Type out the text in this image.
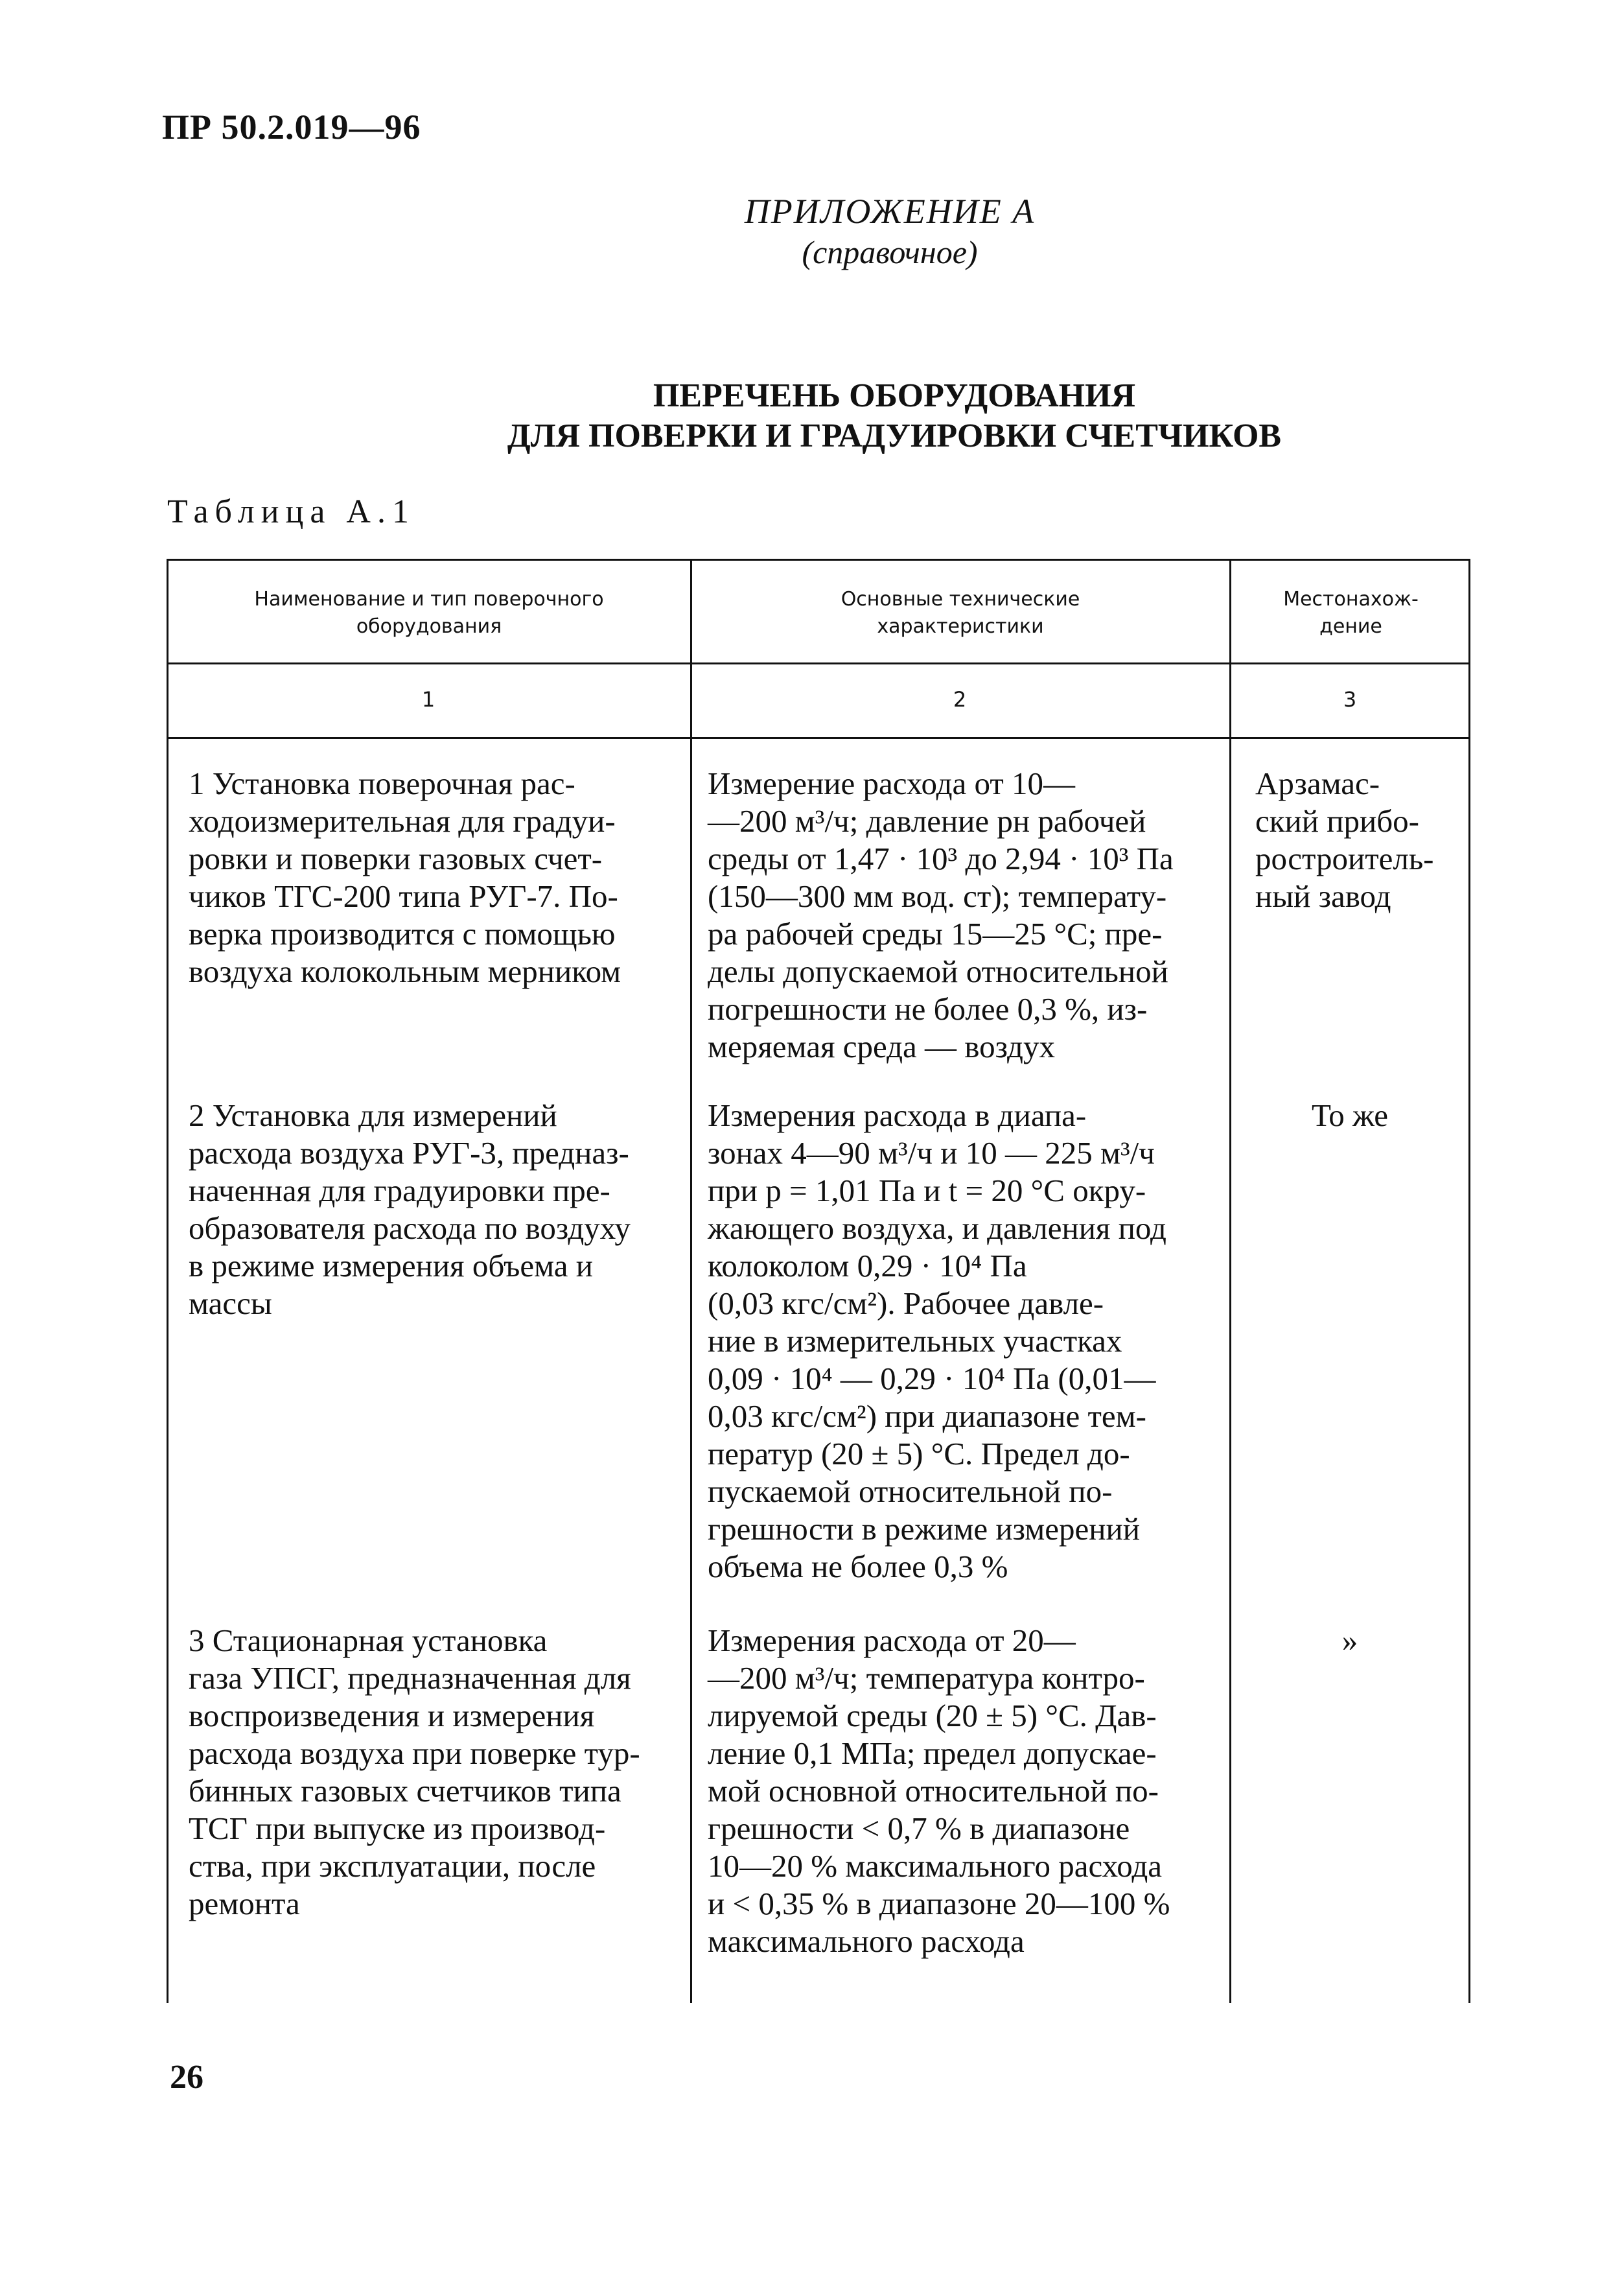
ПР 50.2.019—96
ПРИЛОЖЕНИЕ А
(справочное)
ПЕРЕЧЕНЬ ОБОРУДОВАНИЯ
ДЛЯ ПОВЕРКИ И ГРАДУИРОВКИ СЧЕТЧИКОВ
Таблица А.1
Наименование и тип поверочного оборудования
Основные технические характеристики
Местонахож-дение
1	2	3
1 Установка поверочная рас-
ходоизмерительная для градуи-
ровки и поверки газовых счет-
чиков ТГС-200 типа РУГ-7. По-
верка производится с помощью
воздуха колокольным мерником
Измерение расхода от 10—
—200 м³/ч; давление pн рабочей
среды от 1,47 · 10³ до 2,94 · 10³ Па
(150—300 мм вод. ст); температу-
ра рабочей среды 15—25 °С; пре-
делы допускаемой относительной
погрешности не более 0,3 %, из-
меряемая среда — воздух
Арзамас-
ский прибо-
ростроитель-
ный завод
2 Установка для измерений
расхода воздуха РУГ-3, предназ-
наченная для градуировки пре-
образователя расхода по воздуху
в режиме измерения объема и
массы
Измерения расхода в диапа-
зонах 4—90 м³/ч и 10 — 225 м³/ч
при p = 1,01 Па и t = 20 °С окру-
жающего воздуха, и давления под
колоколом 0,29 · 10⁴ Па
(0,03 кгс/см²). Рабочее давле-
ние в измерительных участках
0,09 · 10⁴ — 0,29 · 10⁴ Па (0,01—
0,03 кгс/см²) при диапазоне тем-
ператур (20 ± 5) °С. Предел до-
пускаемой относительной по-
грешности в режиме измерений
объема не более 0,3 %
То же
3 Стационарная установка
газа УПСГ, предназначенная для
воспроизведения и измерения
расхода воздуха при поверке тур-
бинных газовых счетчиков типа
ТСГ при выпуске из производ-
ства, при эксплуатации, после
ремонта
Измерения расхода от 20—
—200 м³/ч; температура контро-
лируемой среды (20 ± 5) °С. Дав-
ление 0,1 МПа; предел допускае-
мой основной относительной по-
грешности < 0,7 % в диапазоне
10—20 % максимального расхода
и < 0,35 % в диапазоне 20—100 %
максимального расхода
»
26
